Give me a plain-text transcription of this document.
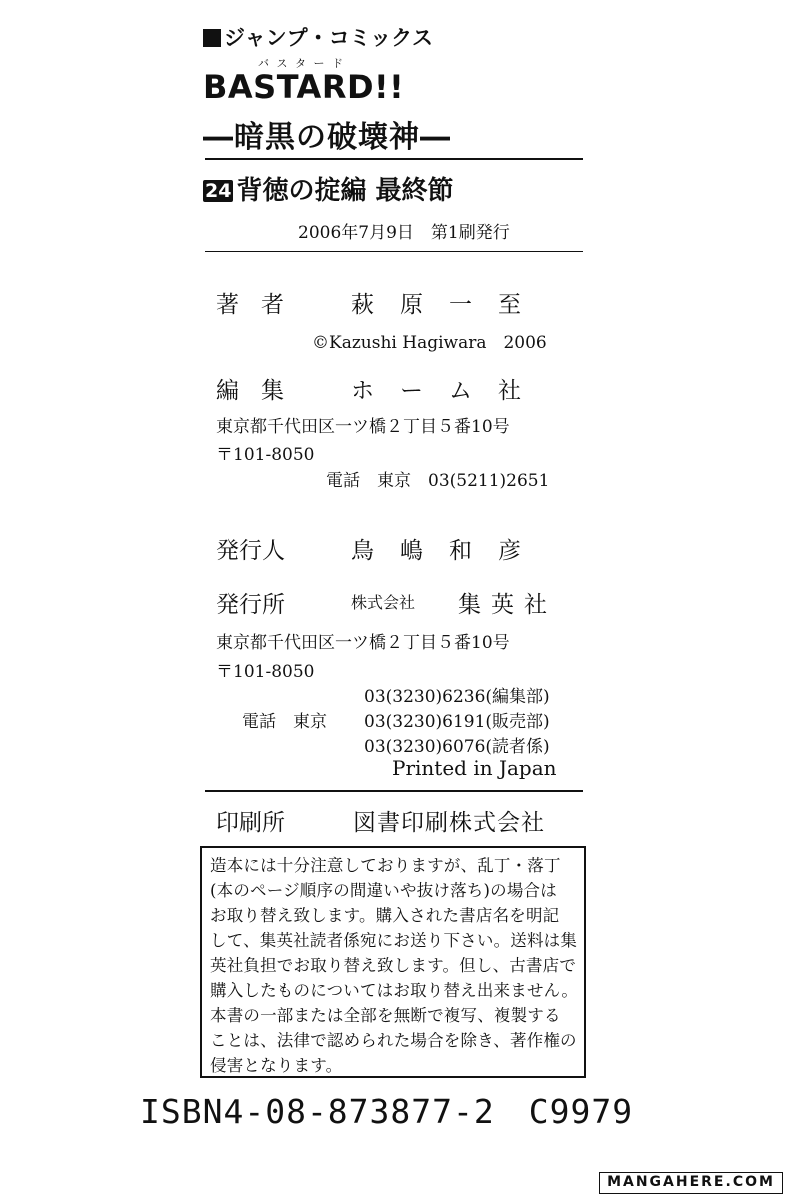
ジャンプ・コミックス
バ ス タ ー ド
BASTARD!!
―暗黒の破壊神―
24 背徳の掟編 最終節
2006年7月9日　第1刷発行
著者 萩原一至
©Kazushi Hagiwara　2006
編集 ホーム社
東京都千代田区一ツ橋２丁目５番10号
〒101-8050
電話　東京　03(5211)2651
発行人	鳥嶋和彦
発行所	株式会社 集英社
東京都千代田区一ツ橋２丁目５番10号
〒101-8050
電話　東京
03(3230)6236(編集部)
03(3230)6191(販売部)
03(3230)6076(読者係)
Printed in Japan
印刷所	図書印刷株式会社
造本には十分注意しておりますが、乱丁・落丁
(本のページ順序の間違いや抜け落ち)の場合は
お取り替え致します。購入された書店名を明記
して、集英社読者係宛にお送り下さい。送料は集
英社負担でお取り替え致します。但し、古書店で
購入したものについてはお取り替え出来ません。
本書の一部または全部を無断で複写、複製する
ことは、法律で認められた場合を除き、著作権の
侵害となります。
ISBN4-08-873877-2　C9979
MANGAHERE.COM
